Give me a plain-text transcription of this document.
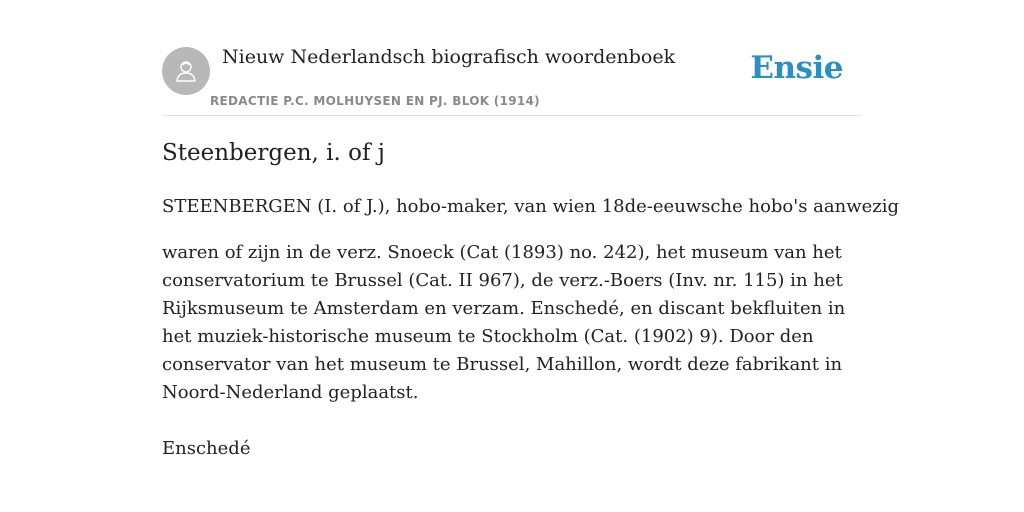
Nieuw Nederlandsch biografisch woordenboek
REDACTIE P.C. MOLHUYSEN EN PJ. BLOK (1914)
Ensie
Steenbergen, i. of j
STEENBERGEN (I. of J.), hobo-maker, van wien 18de-eeuwsche hobo's aanwezig
waren of zijn in de verz. Snoeck (Cat (1893) no. 242), het museum van het conservatorium te Brussel (Cat. II 967), de verz.-Boers (Inv. nr. 115) in het Rijksmuseum te Amsterdam en verzam. Enschedé, en discant bekfluiten in het muziek-historische museum te Stockholm (Cat. (1902) 9). Door den conservator van het museum te Brussel, Mahillon, wordt deze fabrikant in Noord-Nederland geplaatst.
Enschedé
